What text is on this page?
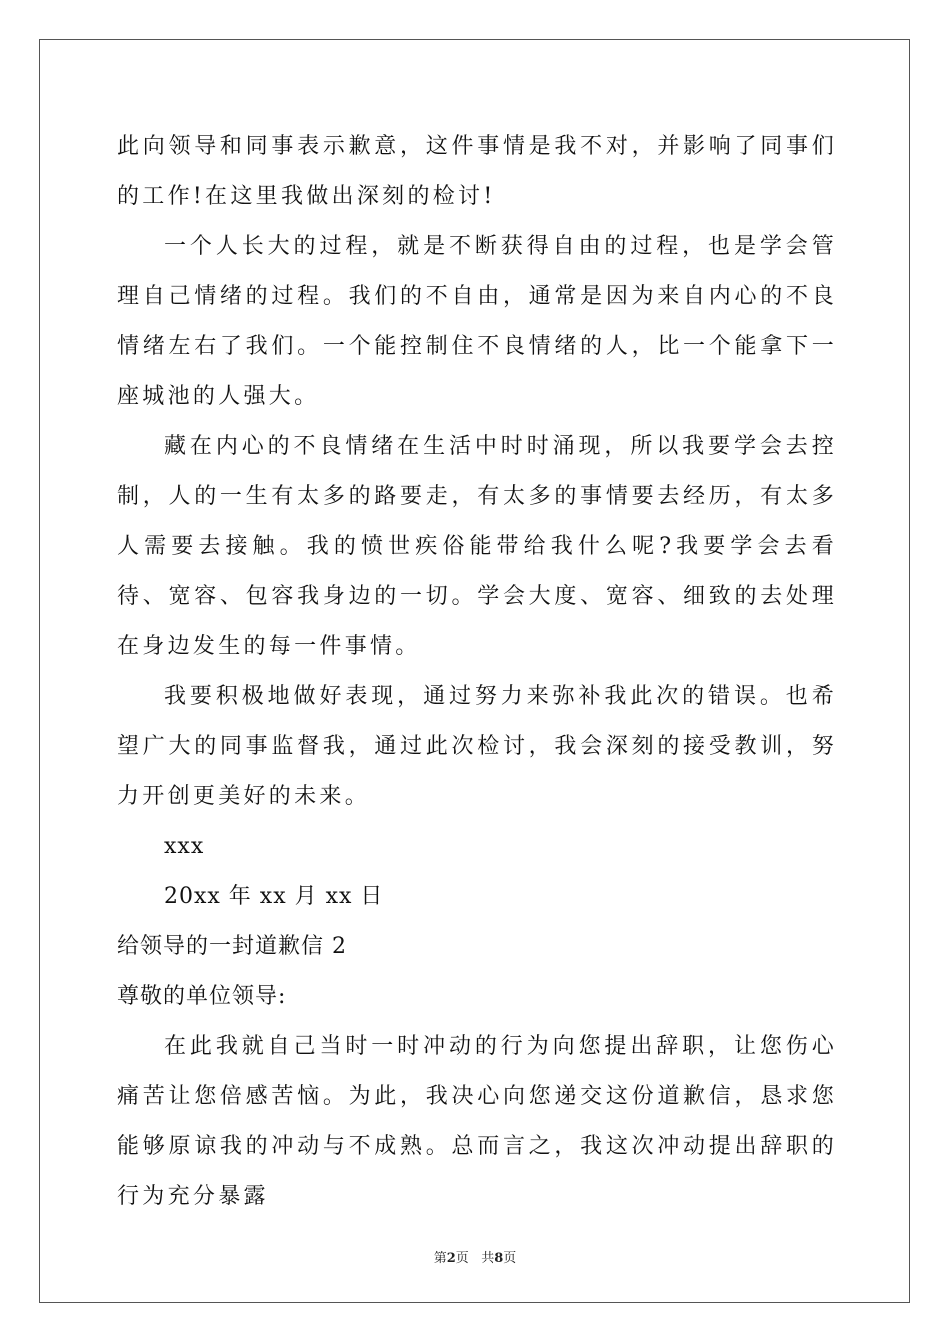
此向领导和同事表示歉意，这件事情是我不对，并影响了同事们的工作!在这里我做出深刻的检讨!

一个人长大的过程，就是不断获得自由的过程，也是学会管理自己情绪的过程。我们的不自由，通常是因为来自内心的不良情绪左右了我们。一个能控制住不良情绪的人，比一个能拿下一座城池的人强大。

藏在内心的不良情绪在生活中时时涌现，所以我要学会去控制，人的一生有太多的路要走，有太多的事情要去经历，有太多人需要去接触。我的愤世疾俗能带给我什么呢?我要学会去看待、宽容、包容我身边的一切。学会大度、宽容、细致的去处理在身边发生的每一件事情。

我要积极地做好表现，通过努力来弥补我此次的错误。也希望广大的同事监督我，通过此次检讨，我会深刻的接受教训，努力开创更美好的未来。

xxx

20xx 年 xx 月 xx 日

给领导的一封道歉信 2

尊敬的单位领导:

在此我就自己当时一时冲动的行为向您提出辞职，让您伤心痛苦让您倍感苦恼。为此，我决心向您递交这份道歉信，恳求您能够原谅我的冲动与不成熟。总而言之，我这次冲动提出辞职的行为充分暴露

第2页 共8页
